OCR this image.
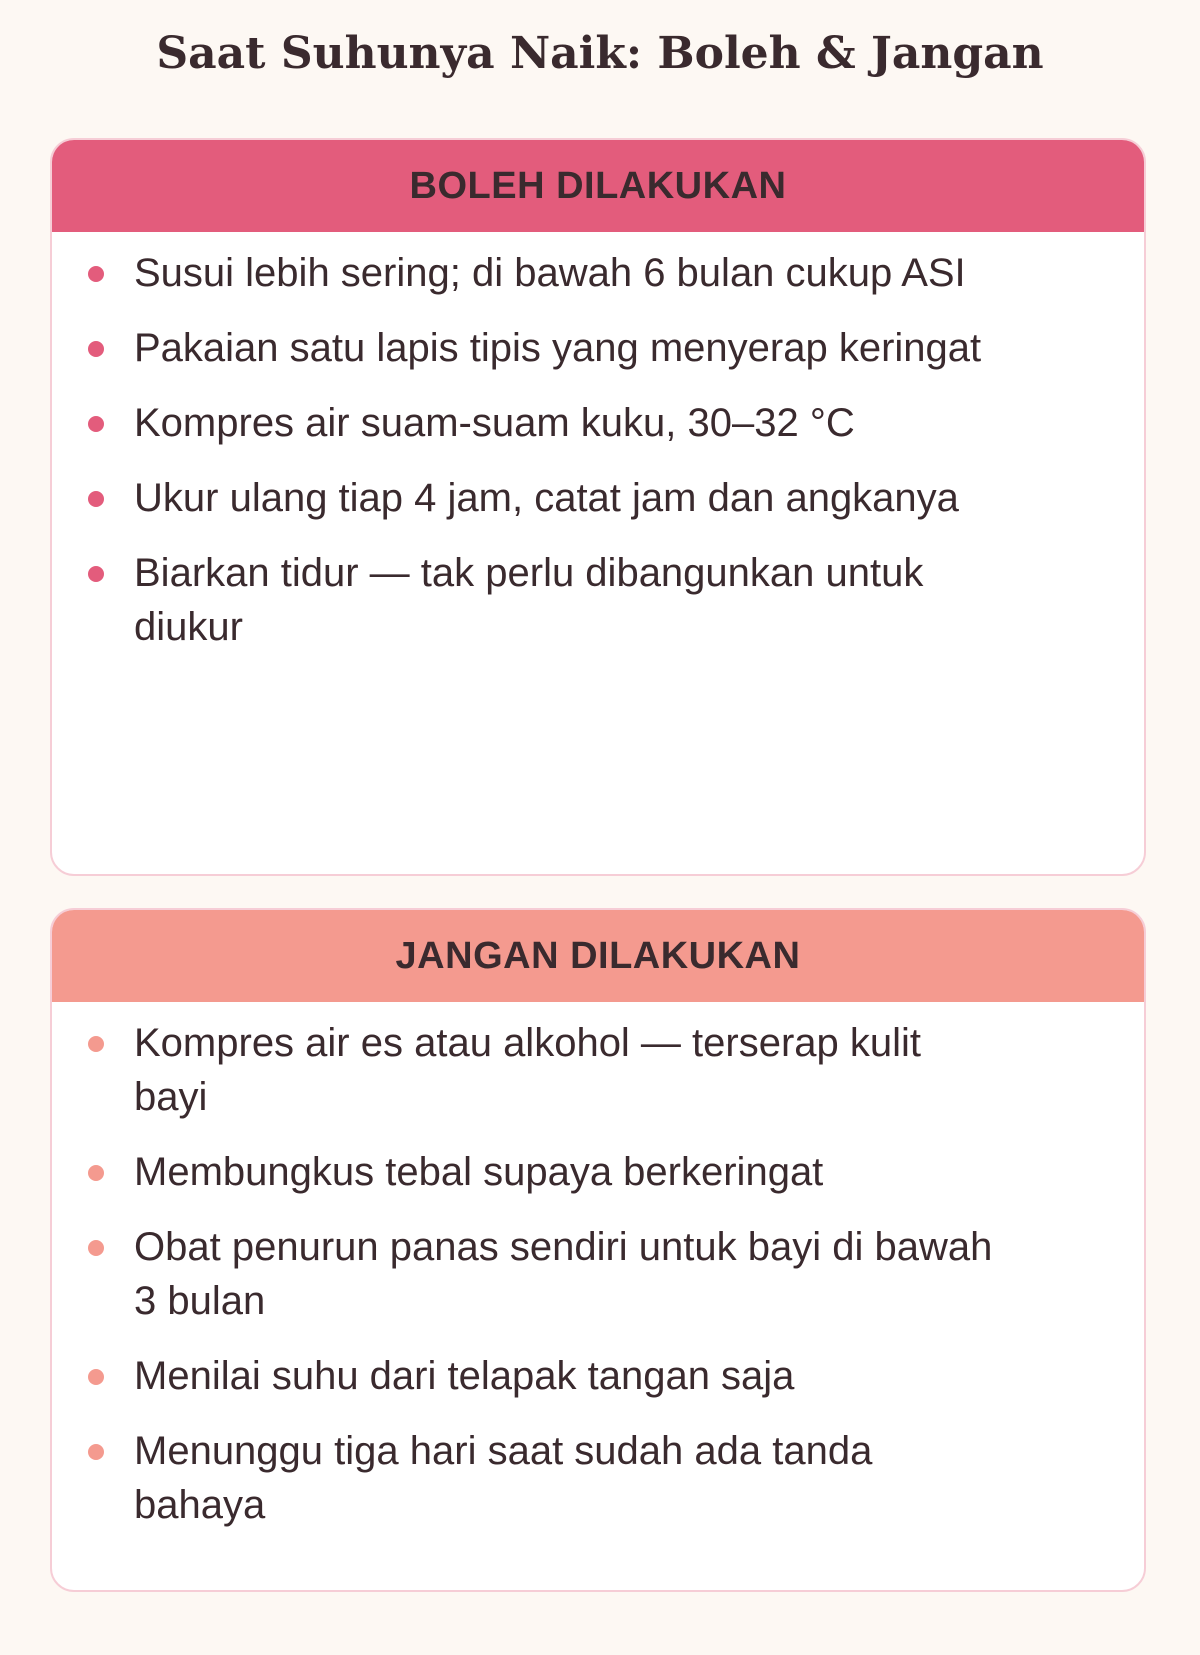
Saat Suhunya Naik: Boleh & Jangan
BOLEH DILAKUKAN
Susui lebih sering; di bawah 6 bulan cukup ASI
Pakaian satu lapis tipis yang menyerap keringat
Kompres air suam-suam kuku, 30–32 °C
Ukur ulang tiap 4 jam, catat jam dan angkanya
Biarkan tidur — tak perlu dibangunkan untuk diukur
JANGAN DILAKUKAN
Kompres air es atau alkohol — terserap kulit bayi
Membungkus tebal supaya berkeringat
Obat penurun panas sendiri untuk bayi di bawah 3 bulan
Menilai suhu dari telapak tangan saja
Menunggu tiga hari saat sudah ada tanda bahaya
